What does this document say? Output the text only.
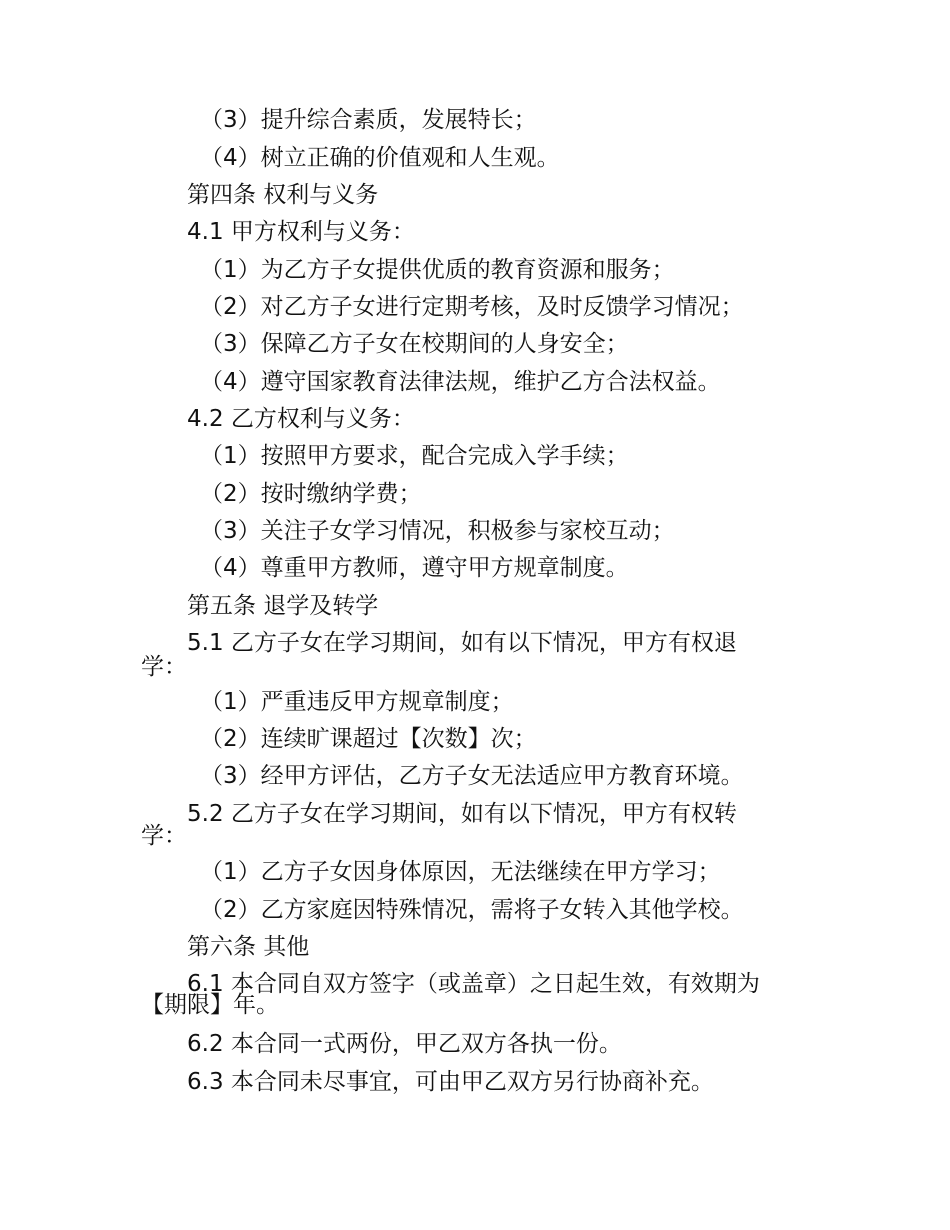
（3）提升综合素质，发展特长；
（4）树立正确的价值观和人生观。
第四条 权利与义务
4.1 甲方权利与义务：
（1）为乙方子女提供优质的教育资源和服务；
（2）对乙方子女进行定期考核，及时反馈学习情况；
（3）保障乙方子女在校期间的人身安全；
（4）遵守国家教育法律法规，维护乙方合法权益。
4.2 乙方权利与义务：
（1）按照甲方要求，配合完成入学手续；
（2）按时缴纳学费；
（3）关注子女学习情况，积极参与家校互动；
（4）尊重甲方教师，遵守甲方规章制度。
第五条 退学及转学
5.1 乙方子女在学习期间，如有以下情况，甲方有权退
学：
（1）严重违反甲方规章制度；
（2）连续旷课超过【次数】次；
（3）经甲方评估，乙方子女无法适应甲方教育环境。
5.2 乙方子女在学习期间，如有以下情况，甲方有权转
学：
（1）乙方子女因身体原因，无法继续在甲方学习；
（2）乙方家庭因特殊情况，需将子女转入其他学校。
第六条 其他
6.1 本合同自双方签字（或盖章）之日起生效，有效期为
【期限】年。
6.2 本合同一式两份，甲乙双方各执一份。
6.3 本合同未尽事宜，可由甲乙双方另行协商补充。
